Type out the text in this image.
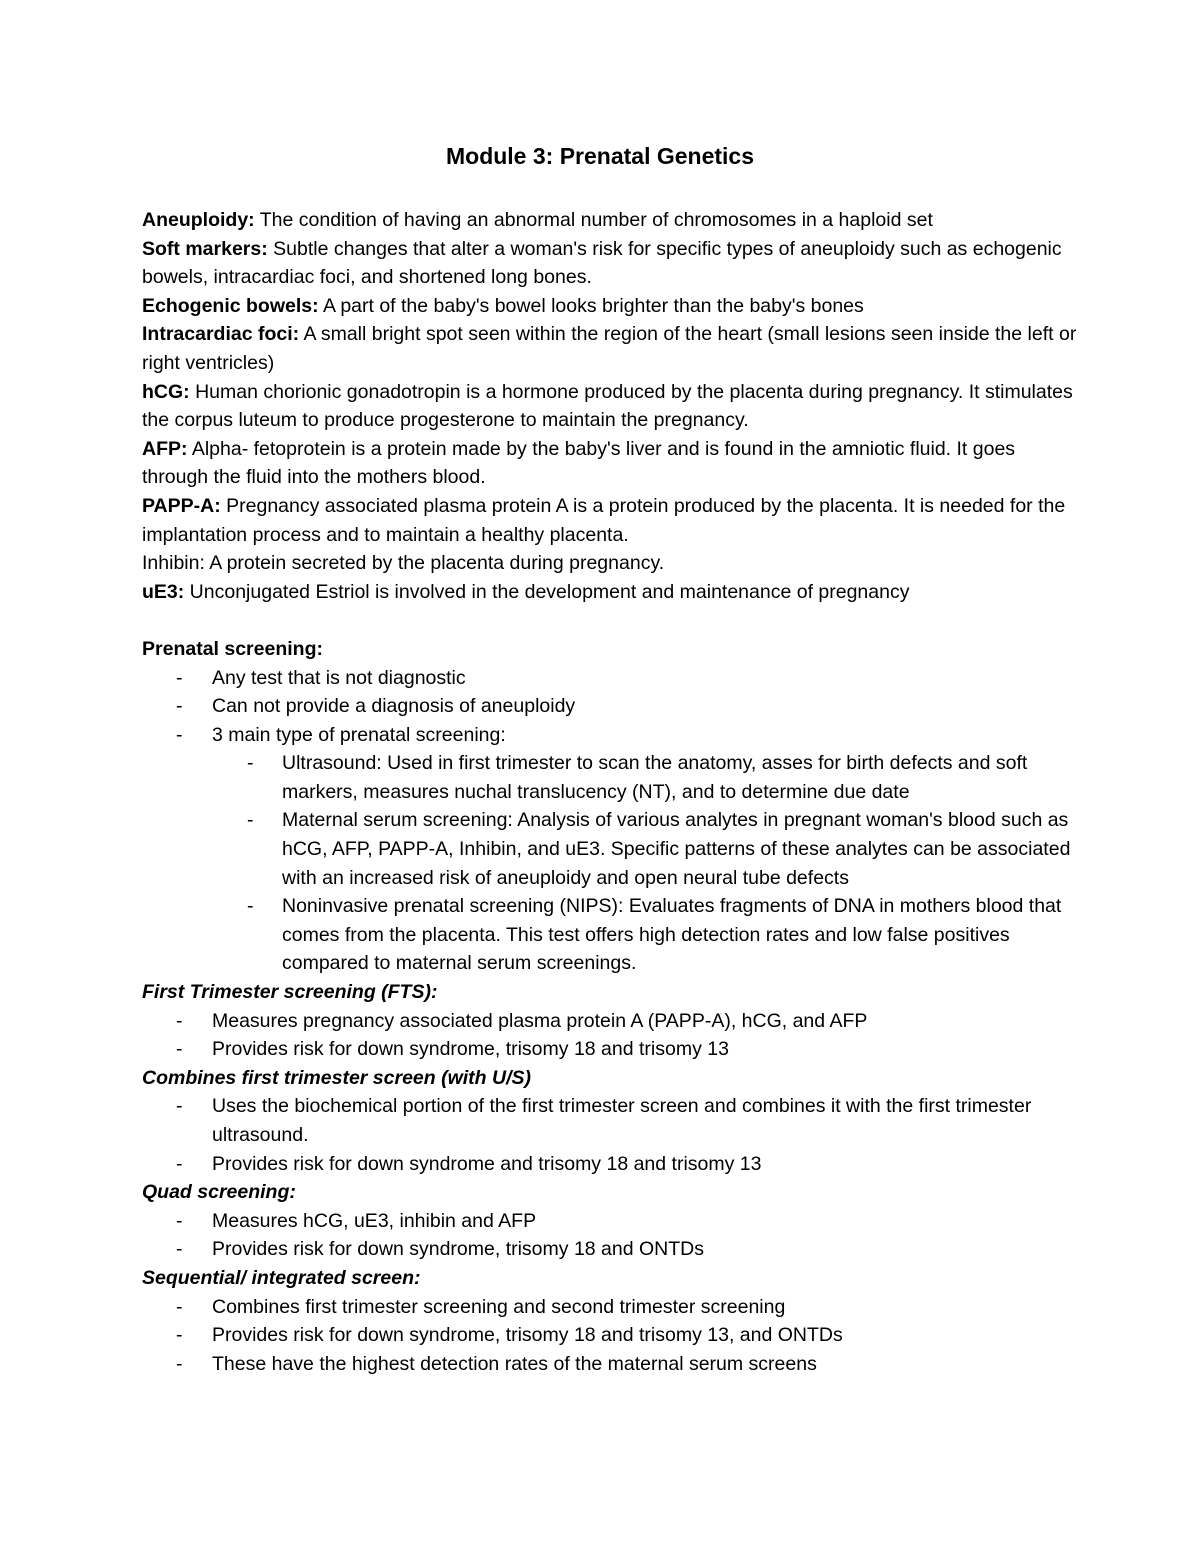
Module 3: Prenatal Genetics

Aneuploidy: The condition of having an abnormal number of chromosomes in a haploid set

Soft markers: Subtle changes that alter a woman's risk for specific types of aneuploidy such as echogenic bowels, intracardiac foci, and shortened long bones.

Echogenic bowels: A part of the baby's bowel looks brighter than the baby's bones

Intracardiac foci: A small bright spot seen within the region of the heart (small lesions seen inside the left or right ventricles)

hCG: Human chorionic gonadotropin is a hormone produced by the placenta during pregnancy. It stimulates the corpus luteum to produce progesterone to maintain the pregnancy.

AFP: Alpha- fetoprotein is a protein made by the baby's liver and is found in the amniotic fluid. It goes through the fluid into the mothers blood.

PAPP-A: Pregnancy associated plasma protein A is a protein produced by the placenta. It is needed for the implantation process and to maintain a healthy placenta.

Inhibin: A protein secreted by the placenta during pregnancy.

uE3: Unconjugated Estriol is involved in the development and maintenance of pregnancy

Prenatal screening:

- Any test that is not diagnostic
- Can not provide a diagnosis of aneuploidy
- 3 main type of prenatal screening:
- Ultrasound: Used in first trimester to scan the anatomy, asses for birth defects and soft markers, measures nuchal translucency (NT), and to determine due date
- Maternal serum screening: Analysis of various analytes in pregnant woman's blood such as hCG, AFP, PAPP-A, Inhibin, and uE3. Specific patterns of these analytes can be associated with an increased risk of aneuploidy and open neural tube defects
- Noninvasive prenatal screening (NIPS): Evaluates fragments of DNA in mothers blood that comes from the placenta. This test offers high detection rates and low false positives compared to maternal serum screenings.

First Trimester screening (FTS):

- Measures pregnancy associated plasma protein A (PAPP-A), hCG, and AFP
- Provides risk for down syndrome, trisomy 18 and trisomy 13

Combines first trimester screen (with U/S)

- Uses the biochemical portion of the first trimester screen and combines it with the first trimester ultrasound.
- Provides risk for down syndrome and trisomy 18 and trisomy 13

Quad screening:

- Measures hCG, uE3, inhibin and AFP
- Provides risk for down syndrome, trisomy 18 and ONTDs

Sequential/ integrated screen:

- Combines first trimester screening and second trimester screening
- Provides risk for down syndrome, trisomy 18 and trisomy 13, and ONTDs
- These have the highest detection rates of the maternal serum screens
